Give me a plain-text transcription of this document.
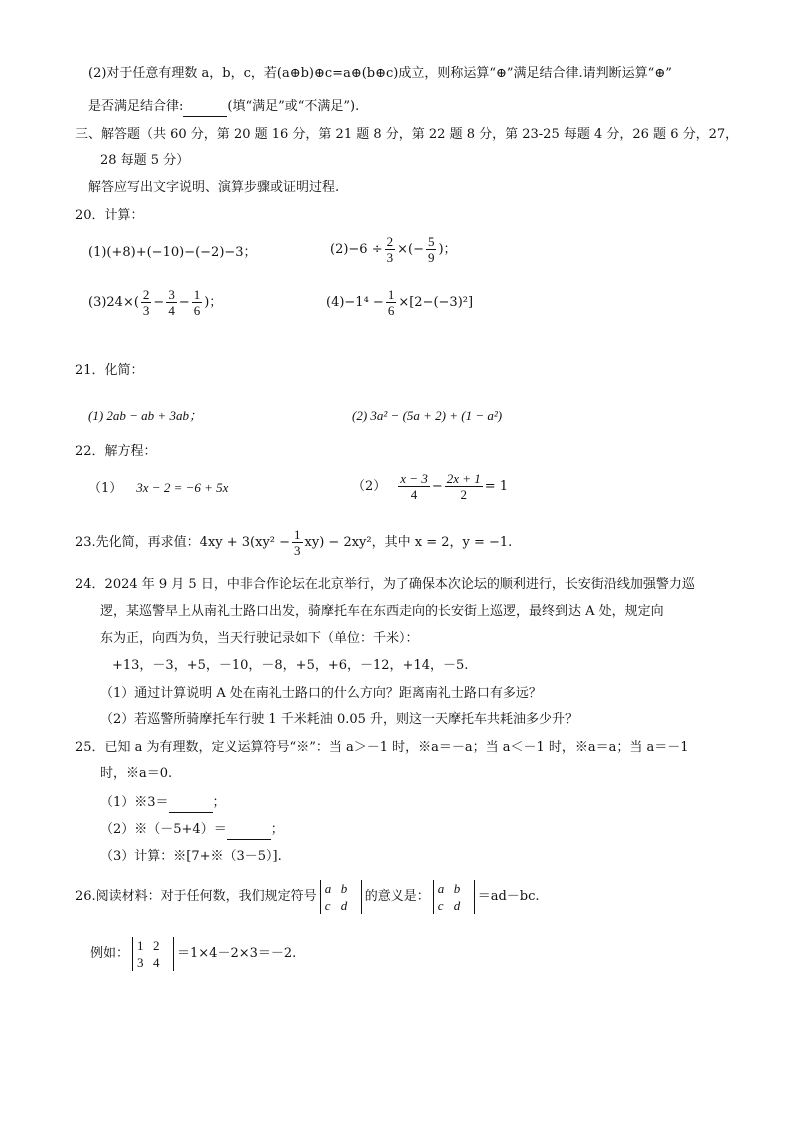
(2)对于任意有理数 a，b，c，若(a⊕b)⊕c=a⊕(b⊕c)成立，则称运算“⊕”满足结合律.请判断运算“⊕”
是否满足结合律:	(填“满足”或“不满足”).
三、解答题（共 60 分，第 20 题 16 分，第 21 题 8 分，第 22 题 8 分，第 23-25 每题 4 分，26 题 6 分，27，
28 每题 5 分）
解答应写出文字说明、演算步骤或证明过程.
20．计算：
(1)(+8)+(−10)−(−2)−3；	$(2)-6 \div \frac{2}{3}$ ×(− $\frac{5}{9}$ )；
$(3)24\times( \frac{2}{3} - \frac{3}{4} - \frac{1}{6}$ )；	$(4)-1^4 - \frac{1}{6} \times[2-(-3)^2]$
21．化简：
(1) 2ab − ab + 3ab；	(2) 3a² − (5a + 2) + (1 − a²)
22．解方程：
（1） 3x − 2 = −6 + 5x	$(2) \frac{x - 3}{4} - \frac{2x + 1}{2} = 1$
23.先化简，再求值：$4xy + 3(xy^2 - \frac{1}{3} xy) - 2xy^2$，其中 x = 2，y = −1.
24．2024 年 9 月 5 日，中非合作论坛在北京举行，为了确保本次论坛的顺利进行，长安街沿线加强警力巡
逻，某巡警早上从南礼士路口出发，骑摩托车在东西走向的长安街上巡逻，最终到达 A 处，规定向
东为正，向西为负，当天行驶记录如下（单位：千米）：
+13，－3，+5，－10，－8，+5，+6，－12，+14，－5.
（1）通过计算说明 A 处在南礼士路口的什么方向？距离南礼士路口有多远？
（2）若巡警所骑摩托车行驶 1 千米耗油 0.05 升，则这一天摩托车共耗油多少升？
25．已知 a 为有理数，定义运算符号“※”：当 a＞－1 时，※a＝－a；当 a＜－1 时，※a＝a；当 a＝－1
时，※a＝0.
（1）※3＝	；
（2）※（－5+4）＝	；
（3）计算：※[7+※（3－5）].
26.阅读材料：对于任何数，我们规定符号
a b
c d
的意义是：
a b
c d
＝ad－bc.
例如：
1 2
3 4
＝1×4－2×3＝－2.
